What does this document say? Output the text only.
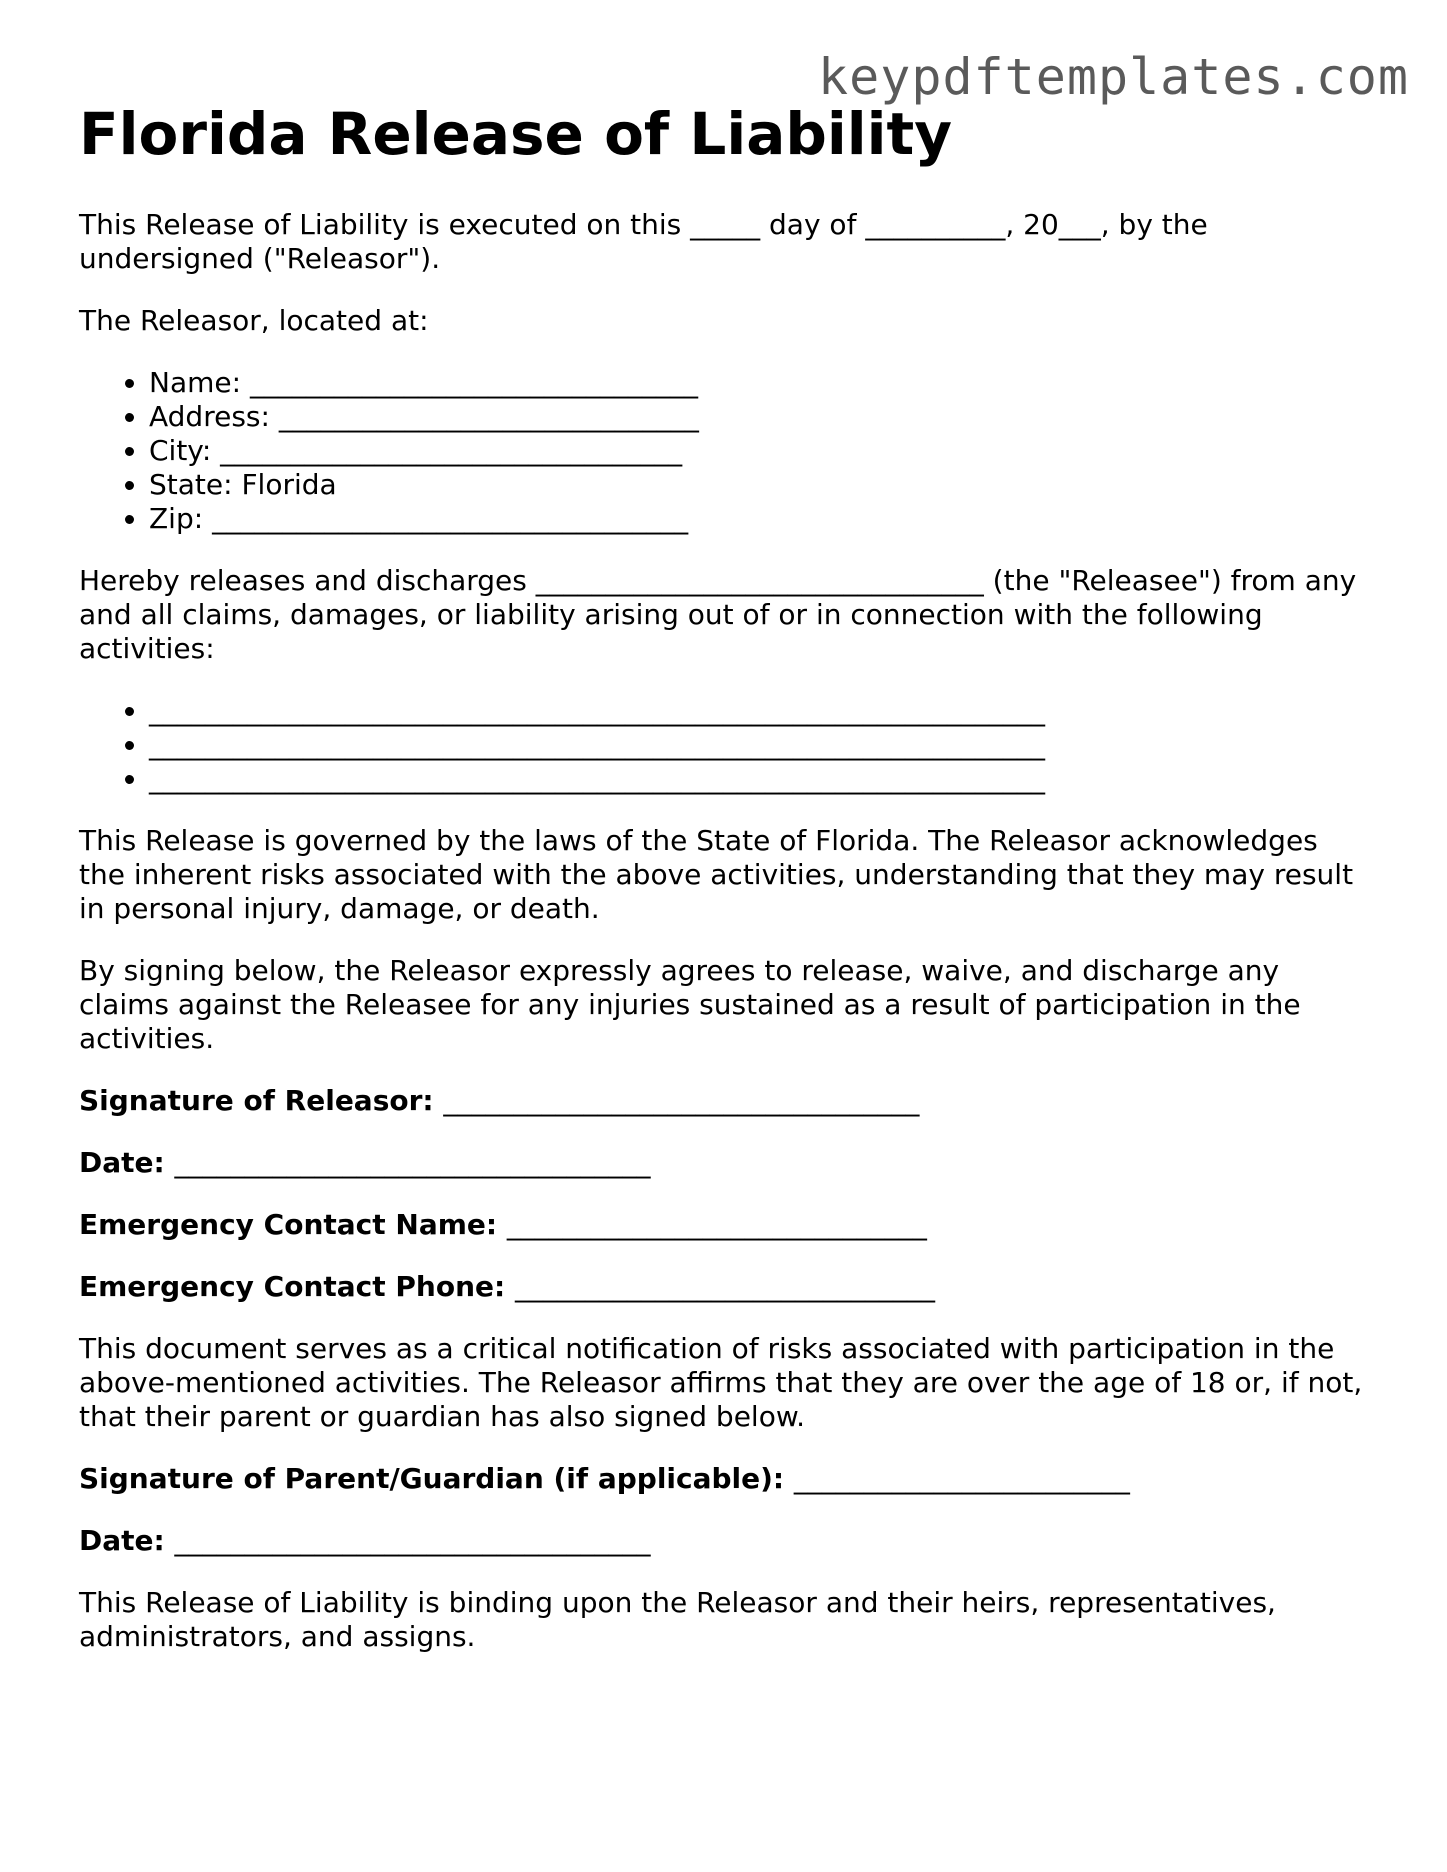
keypdftemplates.com
Florida Release of Liability

This Release of Liability is executed on this _____ day of __________, 20___, by the undersigned ("Releasor").

The Releasor, located at:

• Name: ________________________________
• Address: ______________________________
• City: _________________________________
• State: Florida
• Zip: __________________________________

Hereby releases and discharges ________________________________ (the "Releasee") from any and all claims, damages, or liability arising out of or in connection with the following activities:

• ________________________________________________________________
• ________________________________________________________________
• ________________________________________________________________

This Release is governed by the laws of the State of Florida. The Releasor acknowledges the inherent risks associated with the above activities, understanding that they may result in personal injury, damage, or death.

By signing below, the Releasor expressly agrees to release, waive, and discharge any claims against the Releasee for any injuries sustained as a result of participation in the activities.

Signature of Releasor: __________________________________

Date: __________________________________

Emergency Contact Name: ______________________________

Emergency Contact Phone: ______________________________

This document serves as a critical notification of risks associated with participation in the above-mentioned activities. The Releasor affirms that they are over the age of 18 or, if not, that their parent or guardian has also signed below.

Signature of Parent/Guardian (if applicable): ________________________

Date: __________________________________

This Release of Liability is binding upon the Releasor and their heirs, representatives, administrators, and assigns.
